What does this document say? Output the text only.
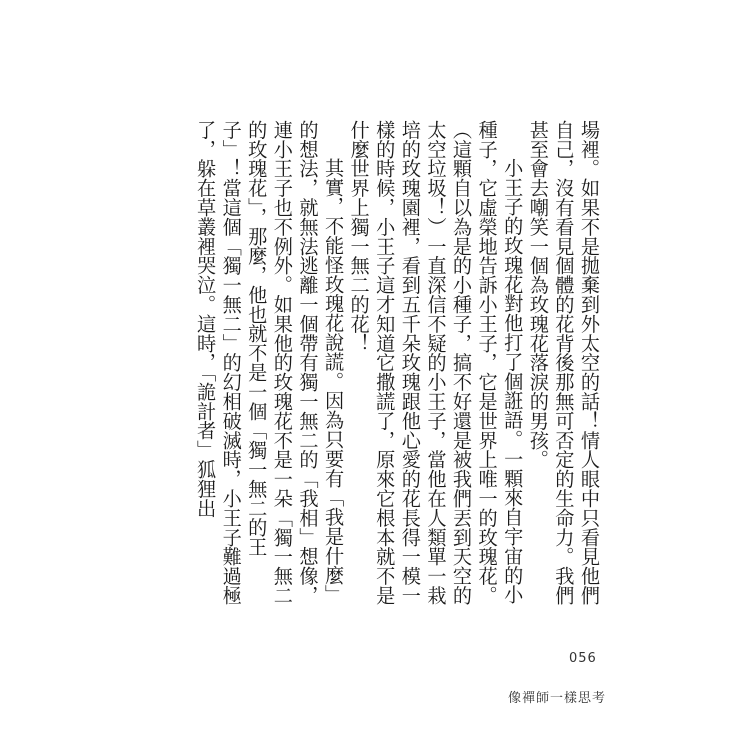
場裡。如果不是拋棄到外太空的話！情人眼中只看見他們自己，沒有看見個體的花背後那無可否定的生命力。我們甚至會去嘲笑一個為玫瑰花落淚的男孩。

小王子的玫瑰花對他打了個誑語。一顆來自宇宙的小種子，它虛榮地告訴小王子，它是世界上唯一的玫瑰花。（這顆自以為是的小種子，搞不好還是被我們丟到天空的太空垃圾！）一直深信不疑的小王子，當他在人類單一栽培的玫瑰園裡，看到五千朵玫瑰跟他心愛的花長得一模一樣的時候，小王子這才知道它撒謊了，原來它根本就不是什麼世界上獨一無二的花！

其實，不能怪玫瑰花說謊。因為只要有「我是什麼」的想法，就無法逃離一個帶有獨一無二的「我相」想像，連小王子也不例外。如果他的玫瑰花不是一朵「獨一無二的玫瑰花」，那麼，他也就不是一個「獨一無二的王子」！當這個「獨一無二」的幻相破滅時，小王子難過極了，躲在草叢裡哭泣。這時，「詭計者」狐狸出

056
像禪師一樣思考
